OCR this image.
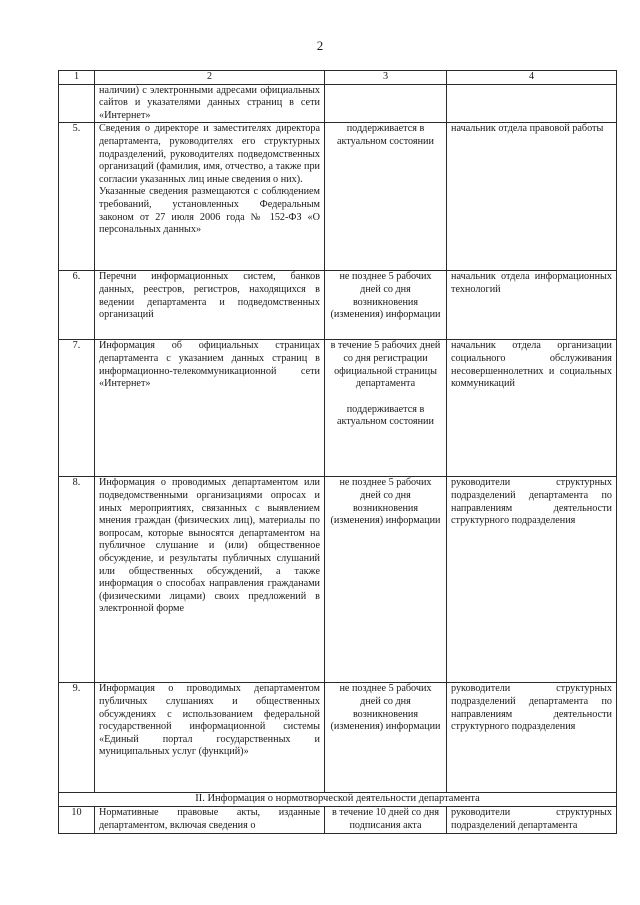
2
1	2	3	4

	наличии) с электронными адресами официальных сайтов и указателями данных страниц в сети «Интернет»		

5.	Сведения о директоре и заместителях директора департамента, руководителях его структурных подразделений, руководителях подведомственных организаций (фамилия, имя, отчество, а также при согласии указанных лиц иные сведения о них).
Указанные сведения размещаются с соблюдением требований, установленных Федеральным законом от 27 июля 2006 года № 152-ФЗ «О персональных данных»	поддерживается в актуальном состоянии	начальник отдела правовой работы
6.	Перечни информационных систем, банков данных, реестров, регистров, находящихся в ведении департамента и подведомственных организаций	не позднее 5 рабочих дней со дня возникновения (изменения) информации	начальник отдела информационных технологий
7.	Информация об официальных страницах департамента с указанием данных страниц в информационно-телекоммуникационной сети «Интернет»	в течение 5 рабочих дней со дня регистрации официальной страницы департамента
поддерживается в актуальном состоянии	начальник отдела организации социального обслуживания несовершеннолетних и социальных коммуникаций
8.	Информация о проводимых департаментом или подведомственными организациями опросах и иных мероприятиях, связанных с выявлением мнения граждан (физических лиц), материалы по вопросам, которые выносятся департаментом на публичное слушание и (или) общественное обсуждение, и результаты публичных слушаний или общественных обсуждений, а также информация о способах направления гражданами (физическими лицами) своих предложений в электронной форме	не позднее 5 рабочих дней со дня возникновения (изменения) информации	руководители структурных подразделений департамента по направлениям деятельности структурного подразделения
9.	Информация о проводимых департаментом публичных слушаниях и общественных обсуждениях с использованием федеральной государственной информационной системы «Единый портал государственных и муниципальных услуг (функций)»	не позднее 5 рабочих дней со дня возникновения (изменения) информации	руководители структурных подразделений департамента по направлениям деятельности структурного подразделения
II. Информация о нормотворческой деятельности департамента			
10	Нормативные правовые акты, изданные департаментом, включая сведения о	в течение 10 дней со дня подписания акта	руководители структурных подразделений департамента
